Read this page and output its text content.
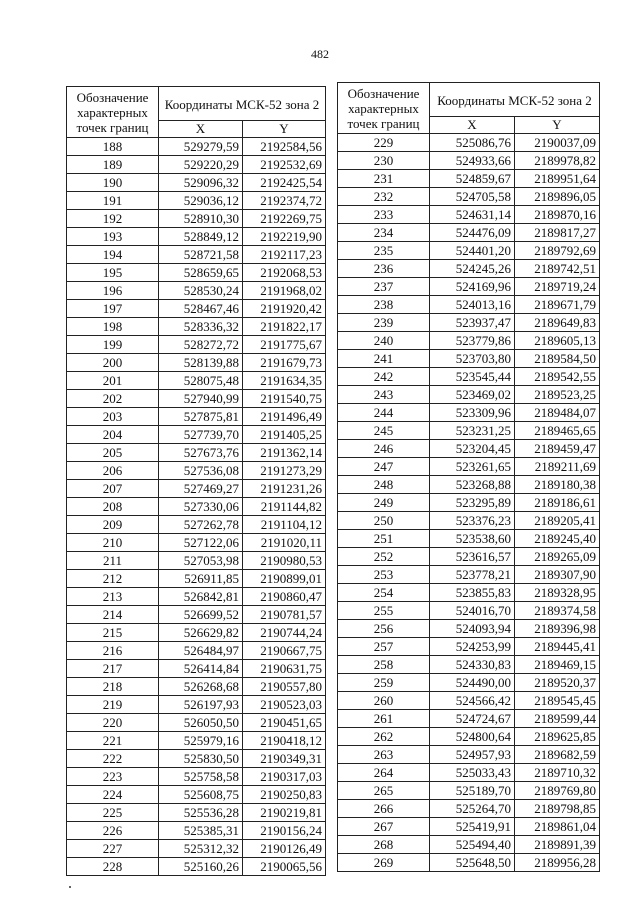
482
Обозначение характерных точек границ	Координаты МСК-52 зона 2	
	X	Y
188	529279,59	2192584,56
189	529220,29	2192532,69
190	529096,32	2192425,54
191	529036,12	2192374,72
192	528910,30	2192269,75
193	528849,12	2192219,90
194	528721,58	2192117,23
195	528659,65	2192068,53
196	528530,24	2191968,02
197	528467,46	2191920,42
198	528336,32	2191822,17
199	528272,72	2191775,67
200	528139,88	2191679,73
201	528075,48	2191634,35
202	527940,99	2191540,75
203	527875,81	2191496,49
204	527739,70	2191405,25
205	527673,76	2191362,14
206	527536,08	2191273,29
207	527469,27	2191231,26
208	527330,06	2191144,82
209	527262,78	2191104,12
210	527122,06	2191020,11
211	527053,98	2190980,53
212	526911,85	2190899,01
213	526842,81	2190860,47
214	526699,52	2190781,57
215	526629,82	2190744,24
216	526484,97	2190667,75
217	526414,84	2190631,75
218	526268,68	2190557,80
219	526197,93	2190523,03
220	526050,50	2190451,65
221	525979,16	2190418,12
222	525830,50	2190349,31
223	525758,58	2190317,03
224	525608,75	2190250,83
225	525536,28	2190219,81
226	525385,31	2190156,24
227	525312,32	2190126,49
228	525160,26	2190065,56
Обозначение характерных точек границ	Координаты МСК-52 зона 2	
	X	Y
229	525086,76	2190037,09
230	524933,66	2189978,82
231	524859,67	2189951,64
232	524705,58	2189896,05
233	524631,14	2189870,16
234	524476,09	2189817,27
235	524401,20	2189792,69
236	524245,26	2189742,51
237	524169,96	2189719,24
238	524013,16	2189671,79
239	523937,47	2189649,83
240	523779,86	2189605,13
241	523703,80	2189584,50
242	523545,44	2189542,55
243	523469,02	2189523,25
244	523309,96	2189484,07
245	523231,25	2189465,65
246	523204,45	2189459,47
247	523261,65	2189211,69
248	523268,88	2189180,38
249	523295,89	2189186,61
250	523376,23	2189205,41
251	523538,60	2189245,40
252	523616,57	2189265,09
253	523778,21	2189307,90
254	523855,83	2189328,95
255	524016,70	2189374,58
256	524093,94	2189396,98
257	524253,99	2189445,41
258	524330,83	2189469,15
259	524490,00	2189520,37
260	524566,42	2189545,45
261	524724,67	2189599,44
262	524800,64	2189625,85
263	524957,93	2189682,59
264	525033,43	2189710,32
265	525189,70	2189769,80
266	525264,70	2189798,85
267	525419,91	2189861,04
268	525494,40	2189891,39
269	525648,50	2189956,28
